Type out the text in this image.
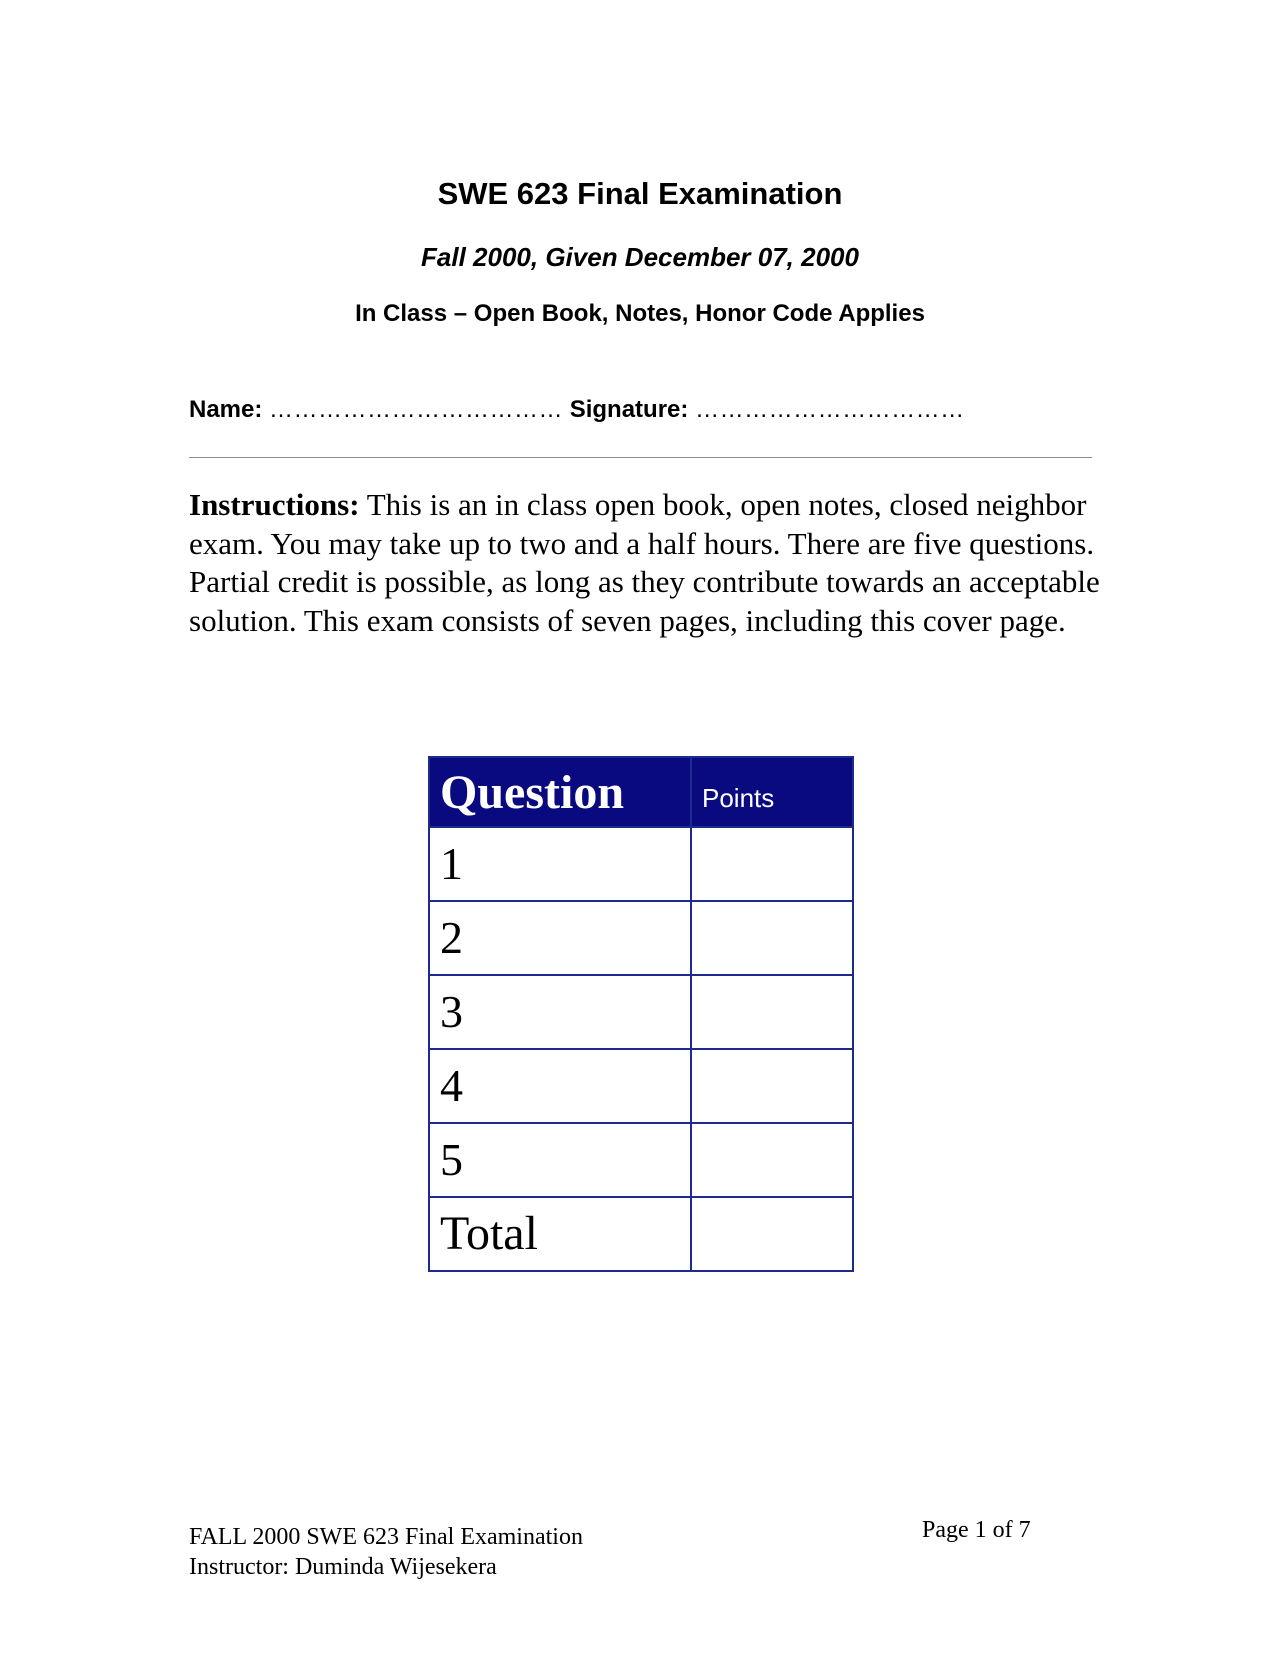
SWE 623 Final Examination
Fall 2000, Given December 07, 2000
In Class – Open Book, Notes, Honor Code Applies
Name: ……………………………… Signature: ……………………………
Instructions: This is an in class open book, open notes, closed neighbor exam. You may take up to two and a half hours. There are five questions. Partial credit is possible, as long as they contribute towards an acceptable solution. This exam consists of seven pages, including this cover page.
Question	Points
1	
2	
3	
4	
5	
Total	
FALL 2000 SWE 623 Final Examination
Instructor: Duminda Wijesekera
Page 1 of 7
